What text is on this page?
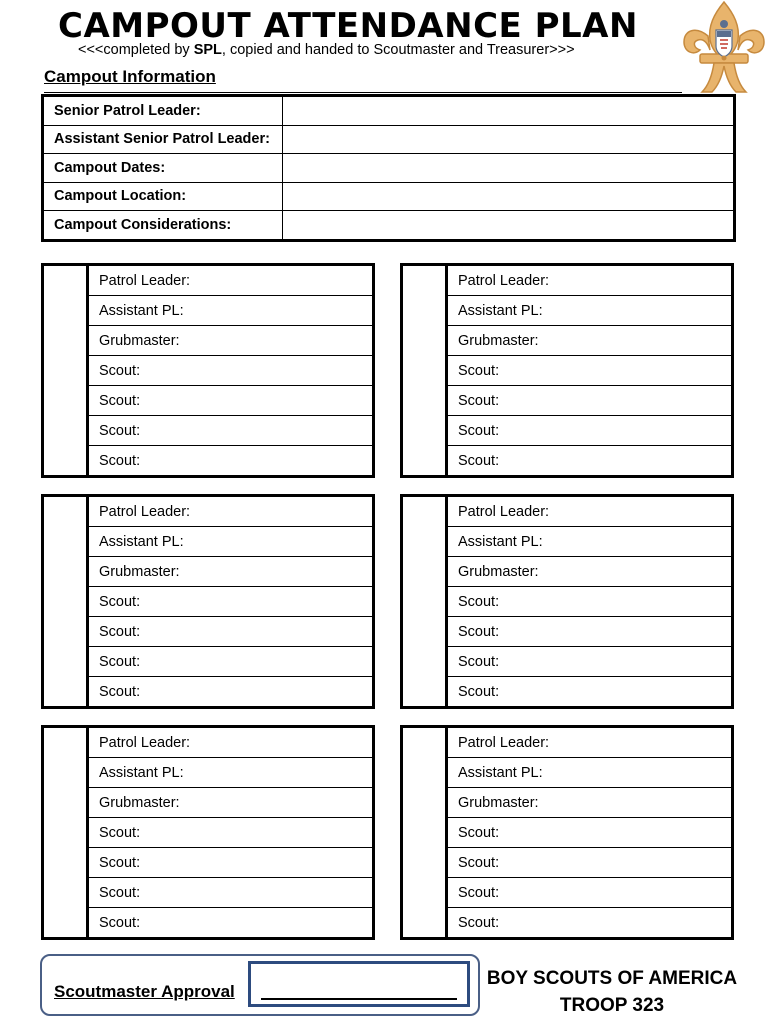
CAMPOUT ATTENDANCE PLAN
<<<completed by SPL, copied and handed to Scoutmaster and Treasurer>>>
Campout Information
Senior Patrol Leader:	
Assistant Senior Patrol Leader:	
Campout Dates:	
Campout Location:	
Campout Considerations:	
Patrol Leader:
Assistant PL:
Grubmaster:
Scout:
Scout:
Scout:
Scout:
Patrol Leader:
Assistant PL:
Grubmaster:
Scout:
Scout:
Scout:
Scout:
Patrol Leader:
Assistant PL:
Grubmaster:
Scout:
Scout:
Scout:
Scout:
Patrol Leader:
Assistant PL:
Grubmaster:
Scout:
Scout:
Scout:
Scout:
Patrol Leader:
Assistant PL:
Grubmaster:
Scout:
Scout:
Scout:
Scout:
Patrol Leader:
Assistant PL:
Grubmaster:
Scout:
Scout:
Scout:
Scout:
Scoutmaster Approval
BOY SCOUTS OF AMERICA
TROOP 323
